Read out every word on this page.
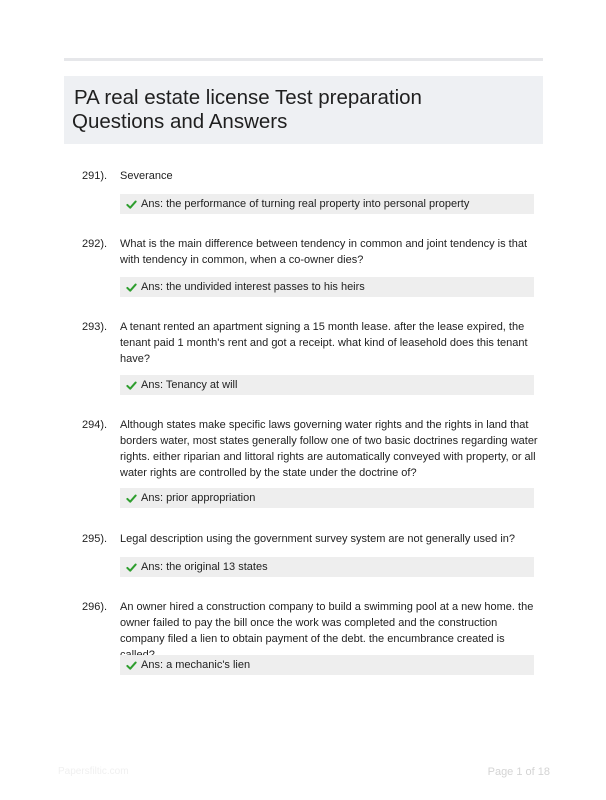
PA real estate license Test preparation
Questions and Answers
291). Severance

Ans: the performance of turning real property into personal property
292). What is the main difference between tendency in common and joint tendency is that with tendency in common, when a co-owner dies?

Ans: the undivided interest passes to his heirs
293). A tenant rented an apartment signing a 15 month lease. after the lease expired, the tenant paid 1 month's rent and got a receipt. what kind of leasehold does this tenant have?

Ans: Tenancy at will
294). Although states make specific laws governing water rights and the rights in land that borders water, most states generally follow one of two basic doctrines regarding water rights. either riparian and littoral rights are automatically conveyed with property, or all water rights are controlled by the state under the doctrine of?

Ans: prior appropriation
295). Legal description using the government survey system are not generally used in?

Ans: the original 13 states
296). An owner hired a construction company to build a swimming pool at a new home. the owner failed to pay the bill once the work was completed and the construction company filed a lien to obtain payment of the debt. the encumbrance created is

Ans: a mechanic's lien
Papersfiltic.com	Page 1 of 18
